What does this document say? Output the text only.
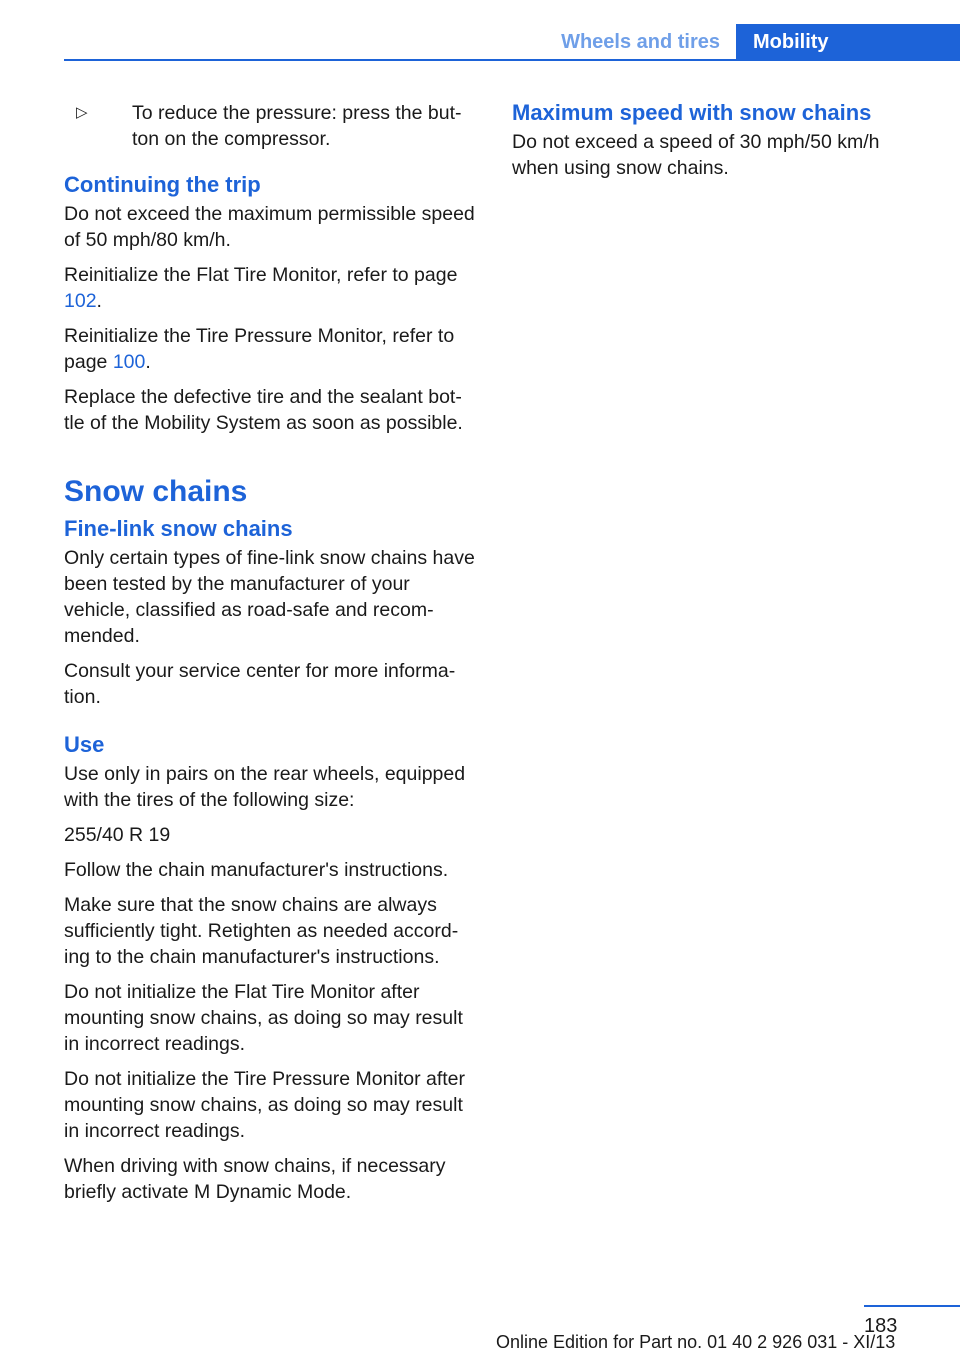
Wheels and tires	Mobility
▷	To reduce the pressure: press the but-ton on the compressor.
Continuing the trip

Do not exceed the maximum permissible speed of 50 mph/80 km/h.

Reinitialize the Flat Tire Monitor, refer to page 102.

Reinitialize the Tire Pressure Monitor, refer to page 100.

Replace the defective tire and the sealant bot-tle of the Mobility System as soon as possible.

Snow chains
Fine-link snow chains

Only certain types of fine-link snow chains have been tested by the manufacturer of your vehicle, classified as road-safe and recom-mended.

Consult your service center for more informa-tion.

Use

Use only in pairs on the rear wheels, equipped with the tires of the following size:

255/40 R 19

Follow the chain manufacturer's instructions.

Make sure that the snow chains are always sufficiently tight. Retighten as needed accord-ing to the chain manufacturer's instructions.

Do not initialize the Flat Tire Monitor after mounting snow chains, as doing so may result in incorrect readings.

Do not initialize the Tire Pressure Monitor after mounting snow chains, as doing so may result in incorrect readings.

When driving with snow chains, if necessary briefly activate M Dynamic Mode.

Maximum speed with snow chains

Do not exceed a speed of 30 mph/50 km/h when using snow chains.

183
Online Edition for Part no. 01 40 2 926 031 - XI/13
